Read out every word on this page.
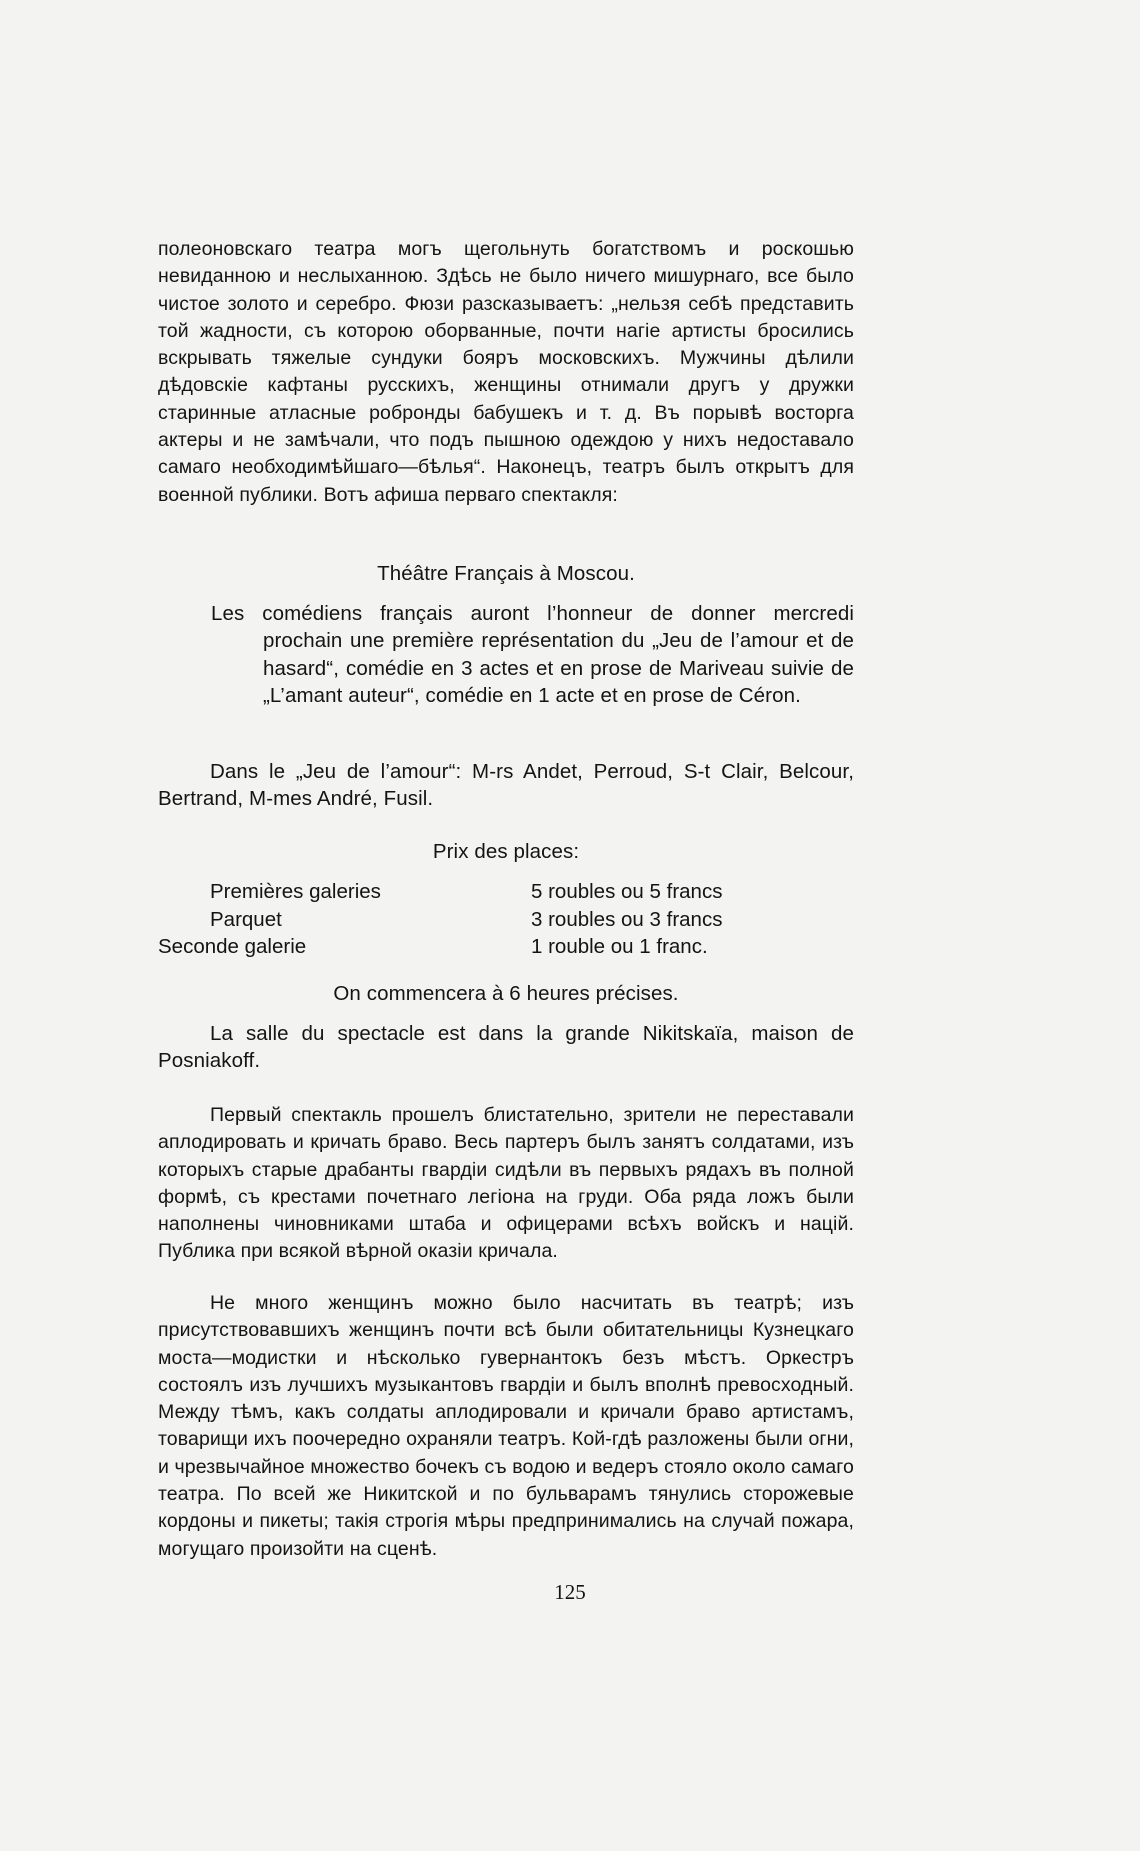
полеоновскаго театра могъ щегольнуть богатствомъ и роскошью невиданною и неслыханною. Здѣсь не было ничего мишурнаго, все было чистое золото и серебро. Фюзи разсказываетъ: „нельзя себѣ представить той жадности, съ которою оборванные, почти нагіе артисты бросились вскрывать тяжелые сундуки бояръ московскихъ. Мужчины дѣлили дѣдовскіе кафтаны русскихъ, женщины отнимали другъ у дружки старинные атласные робронды бабушекъ и т. д. Въ порывѣ восторга актеры и не замѣчали, что подъ пышною одеждою у нихъ недоставало самаго необходимѣйшаго—бѣлья“. Наконецъ, театръ былъ открытъ для военной публики. Вотъ афиша перваго спектакля:

Théâtre Français à Moscou.

Les comédiens français auront l’honneur de donner mercredi prochain une première représentation du „Jeu de l’amour et de hasard“, comédie en 3 actes et en prose de Mariveau suivie de „L’amant auteur“, comédie en 1 acte et en prose de Céron.

Dans le „Jeu de l’amour“: M-rs Andet, Perroud, S-t Clair, Belcour, Bertrand, M-mes André, Fusil.

Prix des places:

Premières galeries	5 roubles ou 5 francs
Parquet	3 roubles ou 3 francs
Seconde galerie	1 rouble ou 1 franc.

On commencera à 6 heures précises.

La salle du spectacle est dans la grande Nikitskaïa, maison de Posniakoff.

Первый спектакль прошелъ блистательно, зрители не переставали аплодировать и кричать браво. Весь партеръ былъ занятъ солдатами, изъ которыхъ старые драбанты гвардіи сидѣли въ первыхъ рядахъ въ полной формѣ, съ крестами почетнаго легіона на груди. Оба ряда ложъ были наполнены чиновниками штаба и офицерами всѣхъ войскъ и націй. Публика при всякой вѣрной оказіи кричала.

Не много женщинъ можно было насчитать въ театрѣ; изъ присутствовавшихъ женщинъ почти всѣ были обитательницы Кузнецкаго моста—модистки и нѣсколько гувернантокъ безъ мѣстъ. Оркестръ состоялъ изъ лучшихъ музыкантовъ гвардіи и былъ вполнѣ превосходный. Между тѣмъ, какъ солдаты аплодировали и кричали браво артистамъ, товарищи ихъ поочередно охраняли театръ. Кой-гдѣ разложены были огни, и чрезвычайное множество бочекъ съ водою и ведеръ стояло около самаго театра. По всей же Никитской и по бульварамъ тянулись сторожевые кордоны и пикеты; такія строгія мѣры предпринимались на случай пожара, могущаго произойти на сценѣ.

125
